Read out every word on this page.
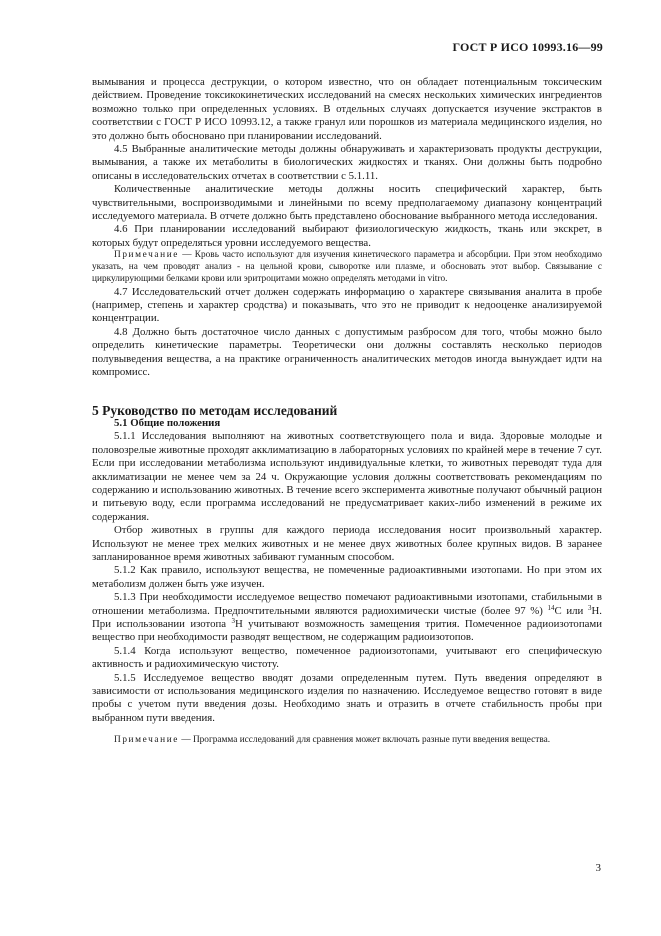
ГОСТ Р ИСО 10993.16—99

вымывания и процесса деструкции, о котором известно, что он обладает потенциальным токсическим действием. Проведение токсикокинетических исследований на смесях нескольких химических ингредиентов возможно только при определенных условиях. В отдельных случаях допускается изучение экстрактов в соответствии с ГОСТ Р ИСО 10993.12, а также гранул или порошков из материала медицинского изделия, но это должно быть обосновано при планировании исследований.

4.5 Выбранные аналитические методы должны обнаруживать и характеризовать продукты деструкции, вымывания, а также их метаболиты в биологических жидкостях и тканях. Они должны быть подробно описаны в исследовательских отчетах в соответствии с 5.1.11.

Количественные аналитические методы должны носить специфический характер, быть чувствительными, воспроизводимыми и линейными по всему предполагаемому диапазону концентраций исследуемого материала. В отчете должно быть представлено обоснование выбранного метода исследования.

4.6 При планировании исследований выбирают физиологическую жидкость, ткань или экскрет, в которых будут определяться уровни исследуемого вещества.

Примечание — Кровь часто используют для изучения кинетического параметра и абсорбции. При этом необходимо указать, на чем проводят анализ - на цельной крови, сыворотке или плазме, и обосновать этот выбор. Связывание с циркулирующими белками крови или эритроцитами можно определять методами in vitro.

4.7 Исследовательский отчет должен содержать информацию о характере связывания аналита в пробе (например, степень и характер сродства) и показывать, что это не приводит к недооценке анализируемой концентрации.

4.8 Должно быть достаточное число данных с допустимым разбросом для того, чтобы можно было определить кинетические параметры. Теоретически они должны составлять несколько периодов полувыведения вещества, а на практике ограниченность аналитических методов иногда вынуждает идти на компромисс.

5 Руководство по методам исследований

5.1 Общие положения

5.1.1 Исследования выполняют на животных соответствующего пола и вида. Здоровые молодые и половозрелые животные проходят акклиматизацию в лабораторных условиях по крайней мере в течение 7 сут. Если при исследовании метаболизма используют индивидуальные клетки, то животных переводят туда для акклиматизации не менее чем за 24 ч. Окружающие условия должны соответствовать рекомендациям по содержанию и использованию животных. В течение всего эксперимента животные получают обычный рацион и питьевую воду, если программа исследований не предусматривает каких-либо изменений в режиме их содержания.

Отбор животных в группы для каждого периода исследования носит произвольный характер. Используют не менее трех мелких животных и не менее двух животных более крупных видов. В заранее запланированное время животных забивают гуманным способом.

5.1.2 Как правило, используют вещества, не помеченные радиоактивными изотопами. Но при этом их метаболизм должен быть уже изучен.

5.1.3 При необходимости исследуемое вещество помечают радиоактивными изотопами, стабильными в отношении метаболизма. Предпочтительными являются радиохимически чистые (более 97 %) $^{14}$С или $^3$Н. При использовании изотопа $^3$Н учитывают возможность замещения трития. Помеченное радиоизотопами вещество при необходимости разводят веществом, не содержащим радиоизотопов.

5.1.4 Когда используют вещество, помеченное радиоизотопами, учитывают его специфическую активность и радиохимическую чистоту.

5.1.5 Исследуемое вещество вводят дозами определенным путем. Путь введения определяют в зависимости от использования медицинского изделия по назначению. Исследуемое вещество готовят в виде пробы с учетом пути введения дозы. Необходимо знать и отразить в отчете стабильность пробы при выбранном пути введения.

Примечание — Программа исследований для сравнения может включать разные пути введения вещества.

3
